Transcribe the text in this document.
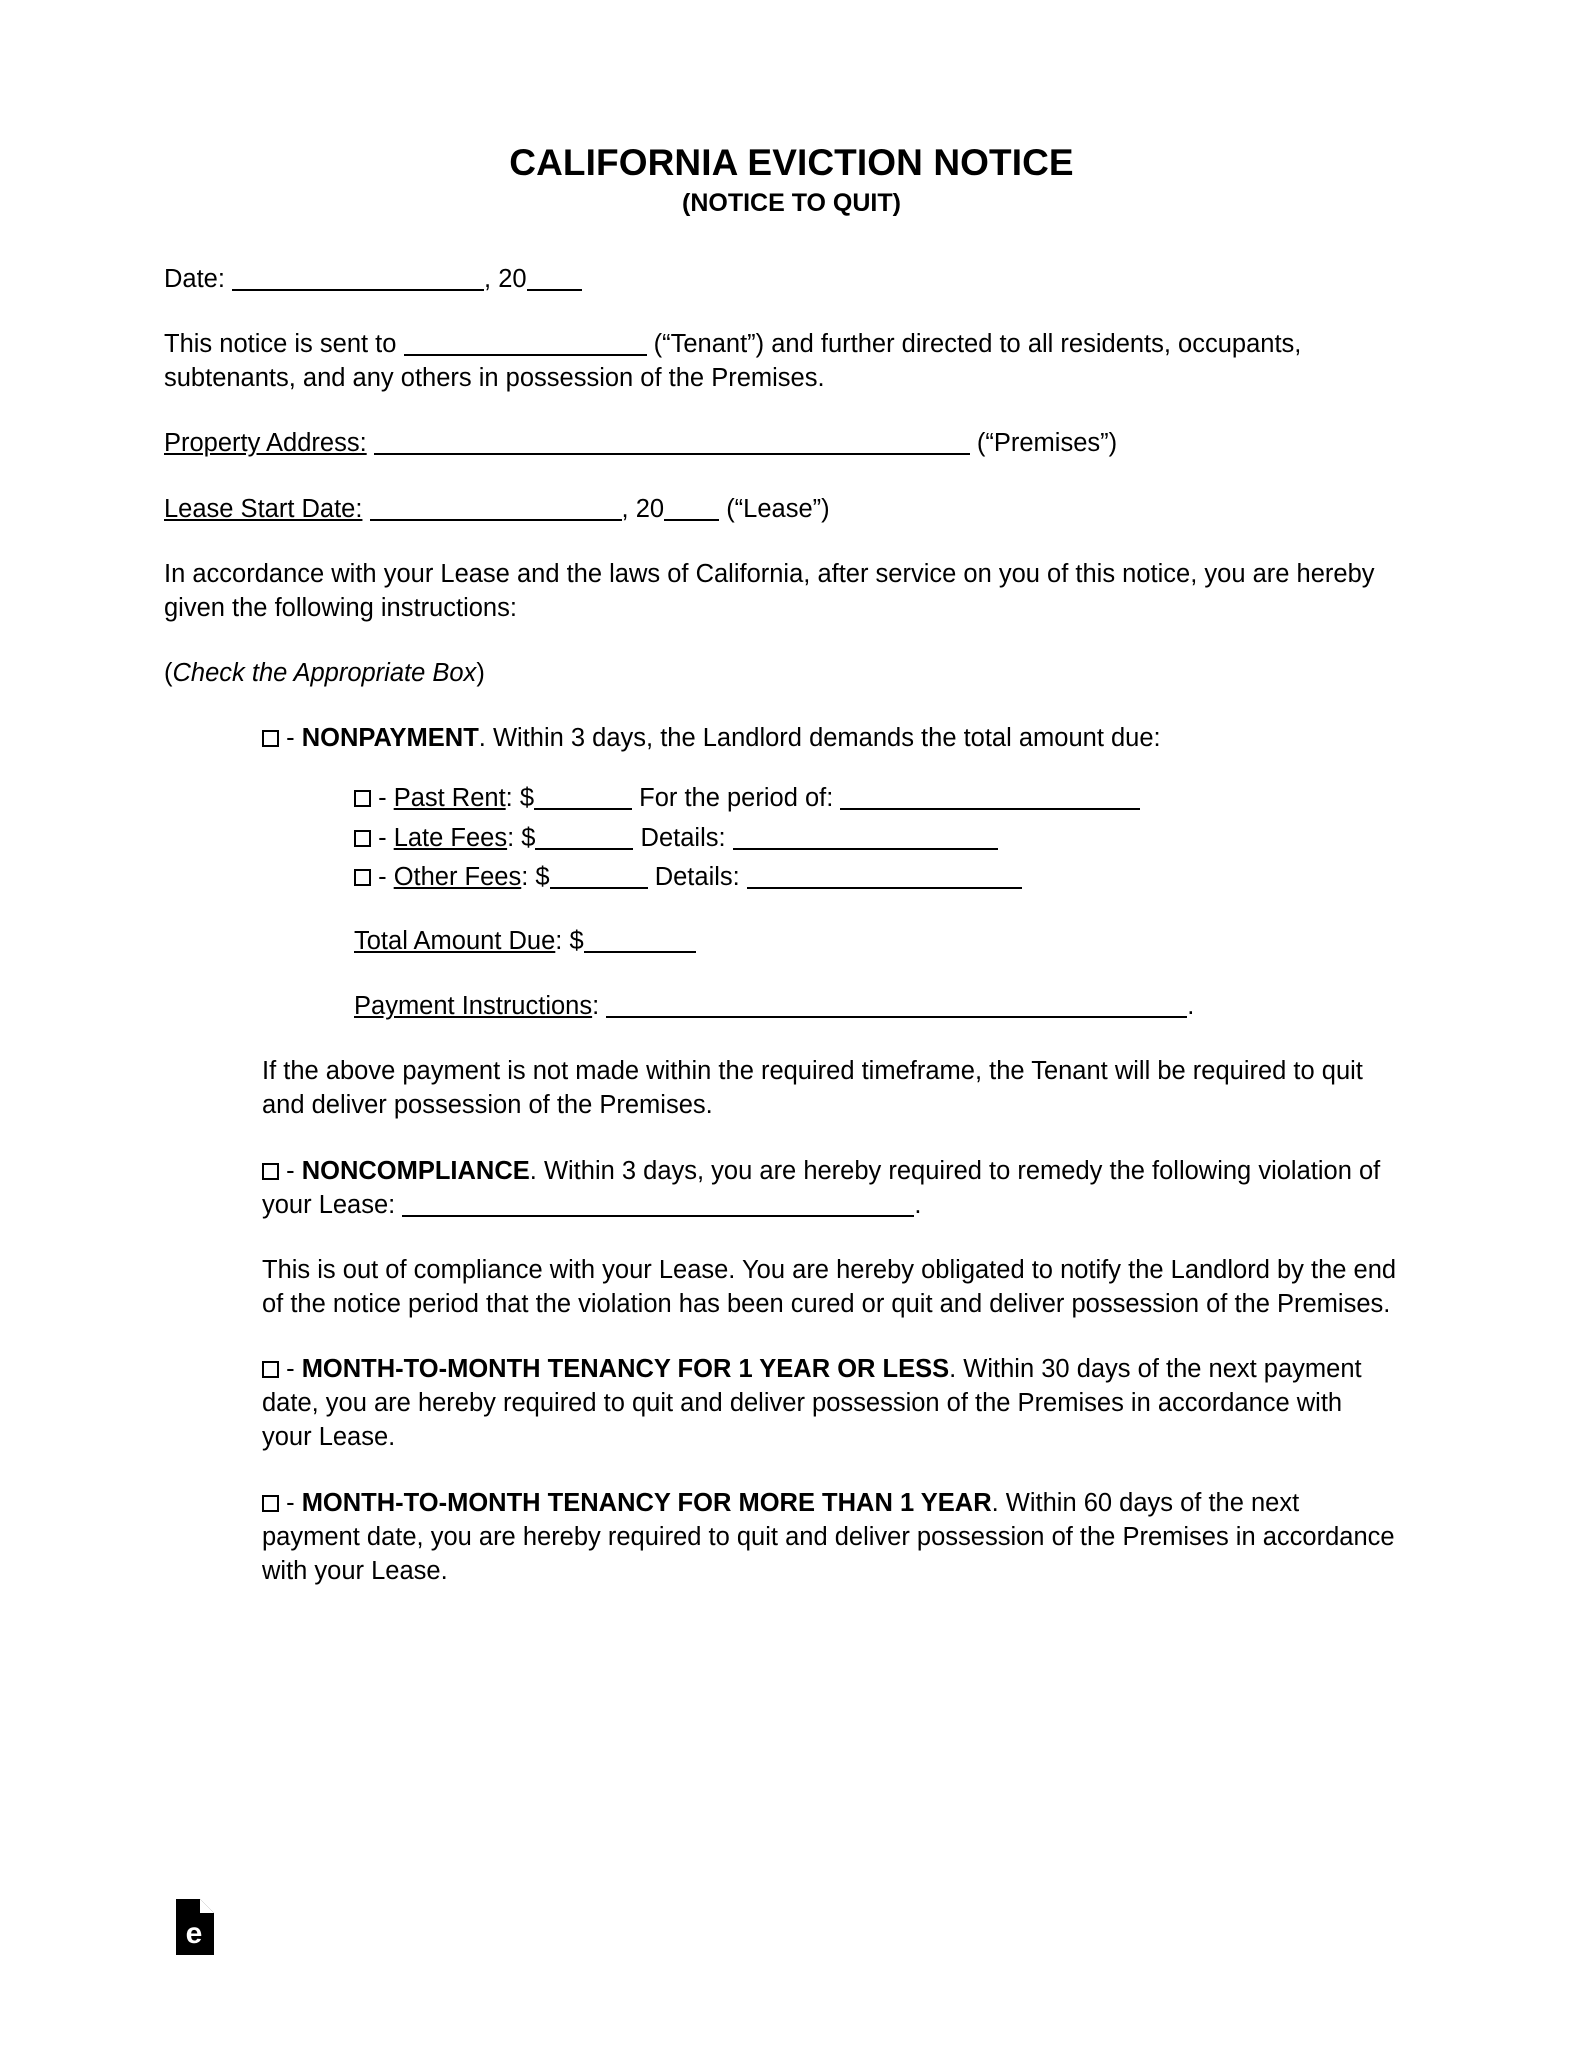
CALIFORNIA EVICTION NOTICE
(NOTICE TO QUIT)

Date:	, 20

This notice is sent to	(“Tenant”) and further directed to all residents, occupants, subtenants, and any others in possession of the Premises.

Property Address:	(“Premises”)

Lease Start Date:	, 20 (“Lease”)

In accordance with your Lease and the laws of California, after service on you of this notice, you are hereby given the following instructions:

(Check the Appropriate Box)

- NONPAYMENT. Within 3 days, the Landlord demands the total amount due:

- Past Rent: $	For the period of:
- Late Fees: $	Details:
- Other Fees: $	Details:

Total Amount Due: $

Payment Instructions:	.

If the above payment is not made within the required timeframe, the Tenant will be required to quit and deliver possession of the Premises.

- NONCOMPLIANCE. Within 3 days, you are hereby required to remedy the following violation of your Lease:	.

This is out of compliance with your Lease. You are hereby obligated to notify the Landlord by the end of the notice period that the violation has been cured or quit and deliver possession of the Premises.

- MONTH-TO-MONTH TENANCY FOR 1 YEAR OR LESS. Within 30 days of the next payment date, you are hereby required to quit and deliver possession of the Premises in accordance with your Lease.

- MONTH-TO-MONTH TENANCY FOR MORE THAN 1 YEAR. Within 60 days of the next payment date, you are hereby required to quit and deliver possession of the Premises in accordance with your Lease.

e
